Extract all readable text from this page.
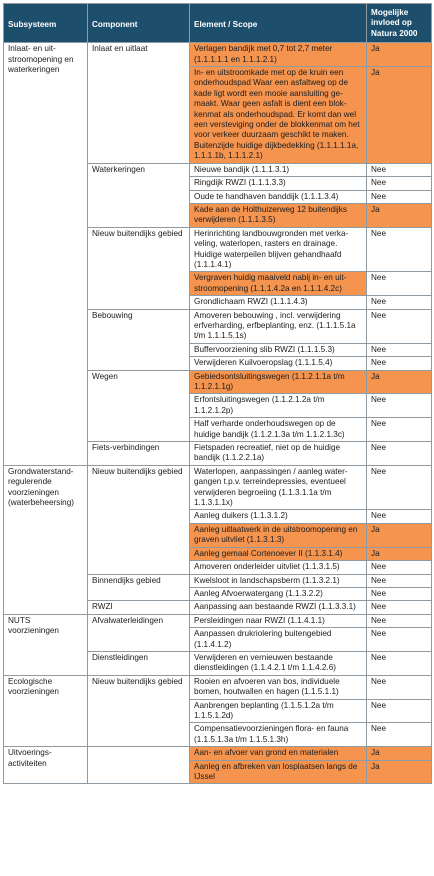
Subsysteem	Component	Element / Scope	Mogelijke invloed op Natura 2000
Inlaat- en uit-stroomopening en waterkeringen	Inlaat en uitlaat	Verlagen bandijk met 0,7 tot 2,7 meter (1.1.1.1.1 en 1.1.1.2.1)	Ja
		In- en uitstroomkade met op de kruin een onderhoudspad Waar een asfaltweg op de kade ligt wordt een mooie aansluiting ge-maakt. Waar geen asfalt is dient een blok-kenmat als onderhoudspad. Er komt dan wel een versteviging onder de blokkenmat om het voor verkeer duurzaam geschikt te maken. Buitenzijde huidige dijkbedekking (1.1.1.1.1a, 1.1.1.1b, 1.1.1.2.1)	Ja
	Waterkeringen	Nieuwe bandijk (1.1.1.3.1)	Nee
		Ringdijk RWZI (1.1.1.3.3)	Nee
		Oude te handhaven banddijk (1.1.1.3.4)	Nee
		Kade aan de Holthuizerweg 12 buitendijks verwijderen (1.1.1.3.5)	Ja
	Nieuw buitendijks gebied	Herinrichting landbouwgronden met verka-veling, waterlopen, rasters en drainage. Huidige waterpeilen blijven gehandhaafd (1.1.1.4.1)	Nee
		Vergraven huidig maaiveld nabij in- en uit-stroomopening (1.1.1.4.2a en 1.1.1.4.2c)	Nee
		Grondlichaam RWZI (1.1.1.4.3)	Nee
	Bebouwing	Amoveren bebouwing , incl. verwijdering erfverharding, erfbeplanting, enz. (1.1.1.5.1a t/m 1.1.1.5.1s)	Nee
		Buffervoorziening slib RWZI (1.1.1.5.3)	Nee
		Verwijderen Kuilvoeropslag (1.1.1.5.4)	Nee
	Wegen	Gebiedsontsluitingswegen (1.1.2.1.1a t/m 1.1.2.1.1g)	Ja
		Erfontsluitingswegen (1.1.2.1.2a t/m 1.1.2.1.2p)	Nee
		Half verharde onderhoudswegen op de huidige bandijk (1.1.2.1.3a t/m 1.1.2.1.3c)	Nee
	Fiets-verbindingen	Fietspaden recreatief, niet op de huidige bandijk (1.1.2.2.1a)	Nee
Grondwaterstand-regulerende voorzieningen (waterbeheersing)	Nieuw buitendijks gebied	Waterlopen, aanpassingen / aanleg water-gangen t.p.v. terreindepressies, eventueel verwijderen begroeiing (1.1.3.1.1a t/m 1.1.3.1.1x)	Nee
		Aanleg duikers (1.1.3.1.2)	Nee
		Aanleg uitlaatwerk in de uitstroomopening en graven uitvliet (1.1.3.1.3)	Ja
		Aanleg gemaal Cortenoever II (1.1.3.1.4)	Ja
		Amoveren onderleider uitvliet (1.1.3.1.5)	Nee
	Binnendijks gebied	Kwelsloot in landschapsberm (1.1.3.2.1)	Nee
		Aanleg Afvoerwatergang (1.1.3.2.2)	Nee
	RWZI	Aanpassing aan bestaande RWZI (1.1.3.3.1)	Nee
NUTS voorzieningen	Afvalwaterleidingen	Persleidingen naar RWZI (1.1.4.1.1)	Nee
		Aanpassen drukriolering buitengebied (1.1.4.1.2)	Nee
	Dienstleidingen	Verwijderen en vernieuwen bestaande dienstleidingen (1.1.4.2.1 t/m 1.1.4.2.6)	Nee
Ecologische voorzieningen	Nieuw buitendijks gebied	Rooien en afvoeren van bos, individuele bomen, houtwallen en hagen (1.1.5.1.1)	Nee
		Aanbrengen beplanting (1.1.5.1.2a t/m 1.1.5.1.2d)	Nee
		Compensatievoorzieningen flora- en fauna (1.1.5.1.3a t/m 1.1.5.1.3h)	Nee
Uitvoerings-activiteiten		Aan- en afvoer van grond en materialen	Ja
		Aanleg en afbreken van losplaatsen langs de IJssel	Ja
